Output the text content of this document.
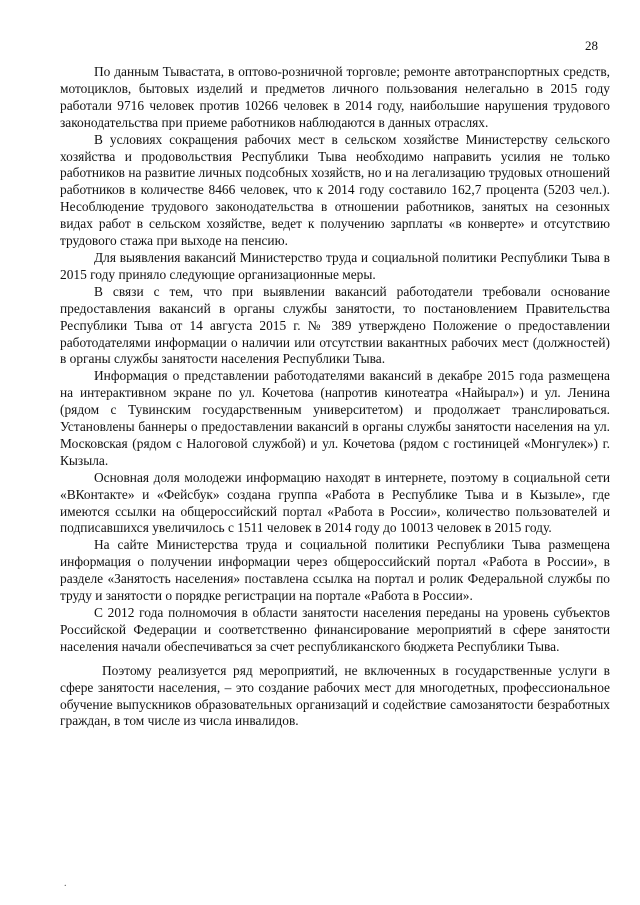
28

По данным Тывастата, в оптово-розничной торговле; ремонте автотранспортных средств, мотоциклов, бытовых изделий и предметов личного пользования нелегально в 2015 году работали 9716 человек против 10266 человек в 2014 году, наибольшие нарушения трудового законодательства при приеме работников наблюдаются в данных отраслях.

В условиях сокращения рабочих мест в сельском хозяйстве Министерству сельского хозяйства и продовольствия Республики Тыва необходимо направить усилия не только работников на развитие личных подсобных хозяйств, но и на легализацию трудовых отношений работников в количестве 8466 человек, что к 2014 году составило 162,7 процента (5203 чел.). Несоблюдение трудового законодательства в отношении работников, занятых на сезонных видах работ в сельском хозяйстве, ведет к получению зарплаты «в конверте» и отсутствию трудового стажа при выходе на пенсию.

Для выявления вакансий Министерство труда и социальной политики Республики Тыва в 2015 году приняло следующие организационные меры.

В связи с тем, что при выявлении вакансий работодатели требовали основание предоставления вакансий в органы службы занятости, то постановлением Правительства Республики Тыва от 14 августа 2015 г. № 389 утверждено Положение о предоставлении работодателями информации о наличии или отсутствии вакантных рабочих мест (должностей) в органы службы занятости населения Республики Тыва.

Информация о представлении работодателями вакансий в декабре 2015 года размещена на интерактивном экране по ул. Кочетова (напротив кинотеатра «Найырал») и ул. Ленина (рядом с Тувинским государственным университетом) и продолжает транслироваться. Установлены баннеры о предоставлении вакансий в органы службы занятости населения на ул. Московская (рядом с Налоговой службой) и ул. Кочетова (рядом с гостиницей «Монгулек») г. Кызыла.

Основная доля молодежи информацию находят в интернете, поэтому в социальной сети «ВКонтакте» и «Фейсбук» создана группа «Работа в Республике Тыва и в Кызыле», где имеются ссылки на общероссийский портал «Работа в России», количество пользователей и подписавшихся увеличилось с 1511 человек в 2014 году до 10013 человек в 2015 году.

На сайте Министерства труда и социальной политики Республики Тыва размещена информация о получении информации через общероссийский портал «Работа в России», в разделе «Занятость населения» поставлена ссылка на портал и ролик Федеральной службы по труду и занятости о порядке регистрации на портале «Работа в России».

С 2012 года полномочия в области занятости населения переданы на уровень субъектов Российской Федерации и соответственно финансирование мероприятий в сфере занятости населения начали обеспечиваться за счет республиканского бюджета Республики Тыва.

Поэтому реализуется ряд мероприятий, не включенных в государственные услуги в сфере занятости населения, – это создание рабочих мест для многодетных, профессиональное обучение выпускников образовательных организаций и содействие самозанятости безработных граждан, в том числе из числа инвалидов.

.
